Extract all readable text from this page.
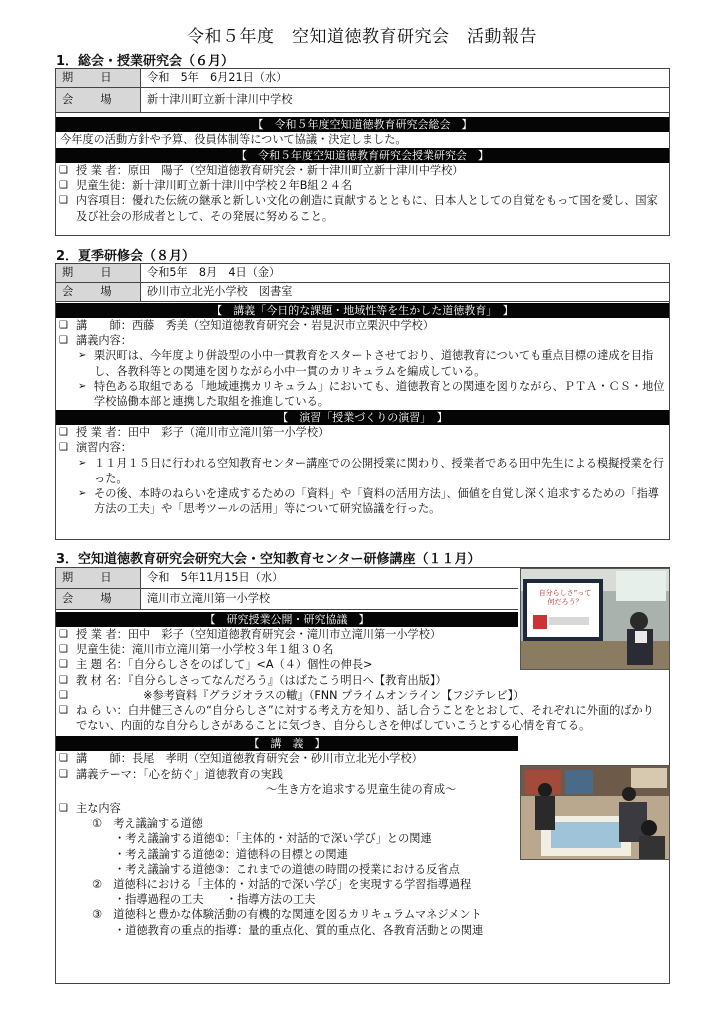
令和５年度　空知道徳教育研究会　活動報告
1．総会・授業研究会（６月）
期　日	令和　5年　6月21日（水）
会　場	新十津川町立新十津川中学校
【　令和５年度空知道徳教育研究会総会　】
今年度の活動方針や予算、役員体制等について協議・決定しました。
【　令和５年度空知道徳教育研究会授業研究会　】
❑ 授 業 者：原田　陽子（空知道徳教育研究会・新十津川町立新十津川中学校）
❑ 児童生徒：新十津川町立新十津川中学校２年B組２４名
❑ 内容項目：優れた伝統の継承と新しい文化の創造に貢献するとともに、日本人としての自覚をもって国を愛し、国家及び社会の形成者として、その発展に努めること。
2．夏季研修会（８月）
期　日	令和5年　8月　4日（金）
会　場	砂川市立北光小学校　図書室
【　講義「今日的な課題・地域性等を生かした道徳教育」　】
❑ 講　　師：西藤　秀美（空知道徳教育研究会・岩見沢市立栗沢中学校）
❑ 講義内容：
➢ 栗沢町は、今年度より併設型の小中一貫教育をスタートさせており、道徳教育についても重点目標の達成を目指し、各教科等との関連を図りながら小中一貫のカリキュラムを編成している。
➢ 特色ある取組である「地域連携カリキュラム」においても、道徳教育との関連を図りながら、ＰＴＡ・ＣＳ・地位学校協働本部と連携した取組を推進している。
【　演習「授業づくりの演習」　】
❑ 授 業 者：田中　彩子（滝川市立滝川第一小学校）
❑ 演習内容：
➢ １１月１５日に行われる空知教育センター講座での公開授業に関わり、授業者である田中先生による模擬授業を行った。
➢ その後、本時のねらいを達成するための「資料」や「資料の活用方法」、価値を自覚し深く追求するための「指導方法の工夫」や「思考ツールの活用」等について研究協議を行った。
3．空知道徳教育研究会研究大会・空知教育センター研修講座（１１月）
期　日	令和　5年11月15日（水）
会　場	滝川市立滝川第一小学校
【　研究授業公開・研究協議　】
❑ 授 業 者：田中　彩子（空知道徳教育研究会・滝川市立滝川第一小学校）
❑ 児童生徒：滝川市立滝川第一小学校３年１組３０名
❑ 主 題 名：「自分らしさをのばして」<A（４）個性の伸長>
❑ 教 材 名：『自分らしさってなんだろう』（はばたこう明日へ【教育出版】）
❑ 　　　　　　※参考資料『グラジオラスの轍』（FNN プライムオンライン【フジテレビ】）
❑ ね ら い：白井健三さんの“自分らしさ”に対する考え方を知り、話し合うことをとおして、それぞれに外面的ばかりでない、内面的な自分らしさがあることに気づき、自分らしさを伸ばしていこうとする心情を育てる。
【　講　義　】
❑ 講　　師：長尾　孝明（空知道徳教育研究会・砂川市立北光小学校）
❑ 講義テーマ：「心を紡ぐ」道徳教育の実践
～生き方を追求する児童生徒の育成～
❑ 主な内容
①　考え議論する道徳
・考え議論する道徳①：「主体的・対話的で深い学び」との関連
・考え議論する道徳②：道徳科の目標との関連
・考え議論する道徳③：これまでの道徳の時間の授業における反省点
②　道徳科における「主体的・対話的で深い学び」を実現する学習指導過程
・指導過程の工夫　　・指導方法の工夫
③　道徳科と豊かな体験活動の有機的な関連を図るカリキュラムマネジメント
・道徳教育の重点的指導：量的重点化、質的重点化、各教育活動との関連
自分らしさ”って
何だろう？
